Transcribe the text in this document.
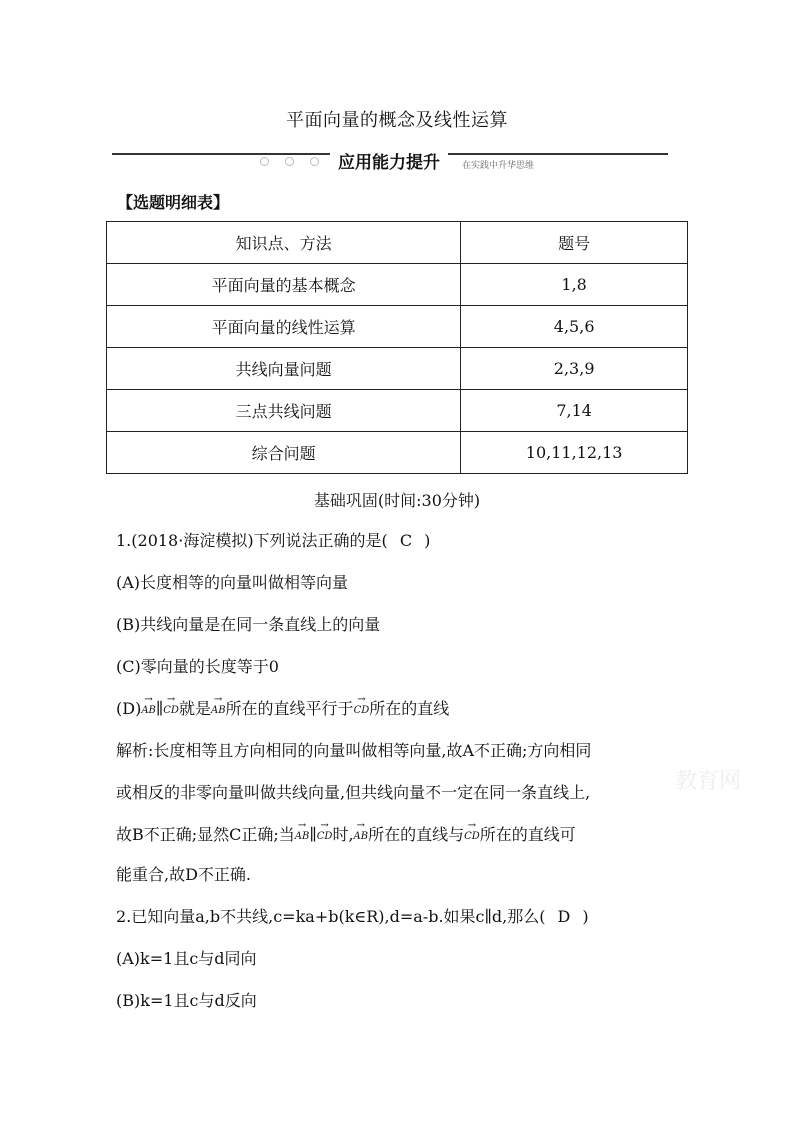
平面向量的概念及线性运算
应用能力提升	在实践中升华思维
【选题明细表】
知识点、方法	题号
平面向量的基本概念	1,8
平面向量的线性运算	4,5,6
共线向量问题	2,3,9
三点共线问题	7,14
综合问题	10,11,12,13
基础巩固(时间:30分钟)
1.(2018·海淀模拟)下列说法正确的是( C )
(A)长度相等的向量叫做相等向量
(B)共线向量是在同一条直线上的向量
(C)零向量的长度等于0
(D)→ AB∥→ CD就是→ AB所在的直线平行于→ CD所在的直线
解析:长度相等且方向相同的向量叫做相等向量,故A不正确;方向相同
或相反的非零向量叫做共线向量,但共线向量不一定在同一条直线上,
故B不正确;显然C正确;当→ AB∥→ CD时,→ AB所在的直线与→ CD所在的直线可
能重合,故D不正确.
2.已知向量a,b不共线,c=ka+b(k∈R),d=a-b.如果c∥d,那么( D )
(A)k=1且c与d同向
(B)k=1且c与d反向
教育网
